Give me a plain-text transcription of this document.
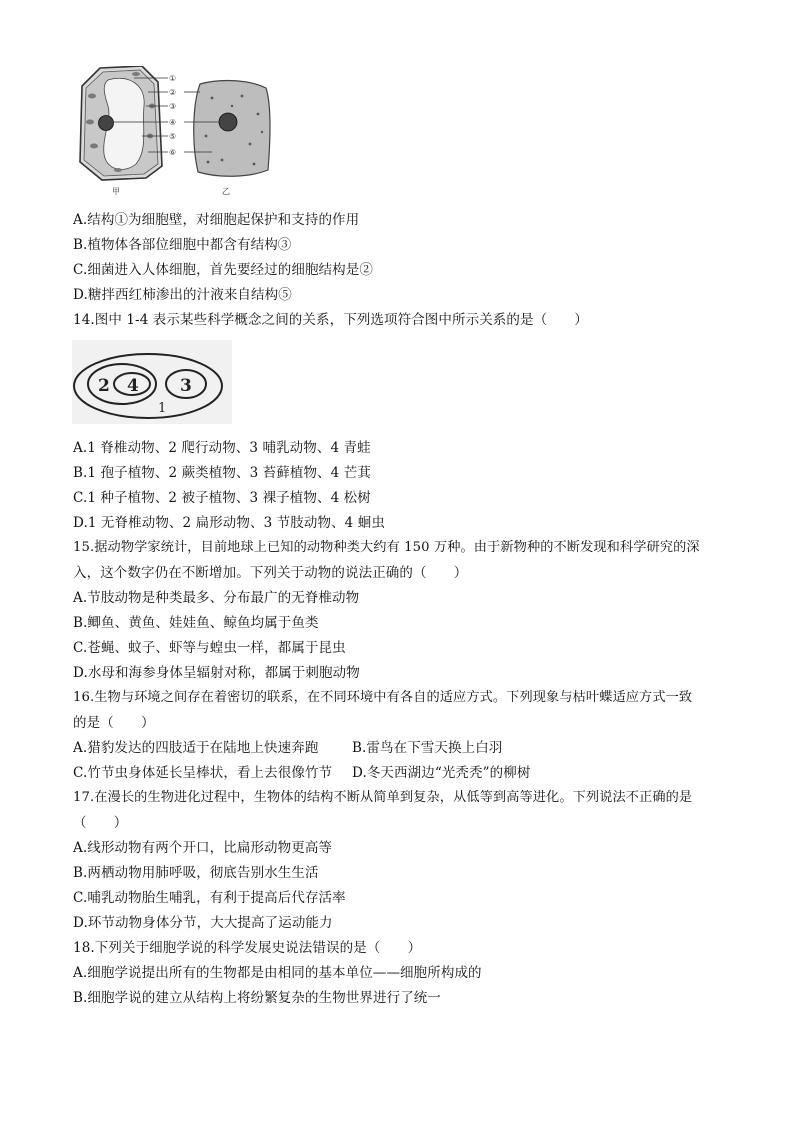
①
②
③
④
⑤
⑥
甲	乙
A.结构①为细胞壁，对细胞起保护和支持的作用
B.植物体各部位细胞中都含有结构③
C.细菌进入人体细胞，首先要经过的细胞结构是②
D.糖拌西红柿渗出的汁液来自结构⑤
14.图中 1-4 表示某些科学概念之间的关系，下列选项符合图中所示关系的是（　　）
2 4 3
1
A.1 脊椎动物、2 爬行动物、3 哺乳动物、4 青蛙
B.1 孢子植物、2 蕨类植物、3 苔藓植物、4 芒萁
C.1 种子植物、2 被子植物、3 裸子植物、4 松树
D.1 无脊椎动物、2 扁形动物、3 节肢动物、4 蛔虫
15.据动物学家统计，目前地球上已知的动物种类大约有 150 万种。由于新物种的不断发现和科学研究的深
入，这个数字仍在不断增加。下列关于动物的说法正确的（　　）
A.节肢动物是种类最多、分布最广的无脊椎动物
B.鲫鱼、黄鱼、娃娃鱼、鲸鱼均属于鱼类
C.苍蝇、蚊子、虾等与蝗虫一样，都属于昆虫
D.水母和海参身体呈辐射对称，都属于刺胞动物
16.生物与环境之间存在着密切的联系，在不同环境中有各自的适应方式。下列现象与枯叶蝶适应方式一致
的是（　　）
A.猎豹发达的四肢适于在陆地上快速奔跑 B.雷鸟在下雪天换上白羽
C.竹节虫身体延长呈棒状，看上去很像竹节 D.冬天西湖边“光秃秃”的柳树
17.在漫长的生物进化过程中，生物体的结构不断从简单到复杂，从低等到高等进化。下列说法不正确的是
（　　）
A.线形动物有两个开口，比扁形动物更高等
B.两栖动物用肺呼吸，彻底告别水生生活
C.哺乳动物胎生哺乳，有利于提高后代存活率
D.环节动物身体分节，大大提高了运动能力
18.下列关于细胞学说的科学发展史说法错误的是（　　）
A.细胞学说提出所有的生物都是由相同的基本单位——细胞所构成的
B.细胞学说的建立从结构上将纷繁复杂的生物世界进行了统一
